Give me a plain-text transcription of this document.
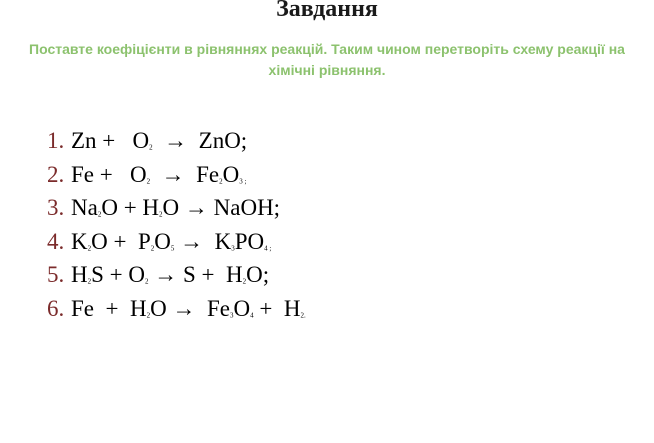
Завдання
Поставте коефіцієнти в рівняннях реакцій. Таким чином перетворіть схему реакції на хімічні рівняння.
1. Zn +   O2  →  ZnO;
2. Fe +   O2  →  Fe2O3 ;
3. Na2O + H2O → NaOH;
4. K2O +  P2O5 →  K3PO4 ;
5. H2S + O2 → S +  H2O;
6. Fe  +  H2O →  Fe3O4 +  H2.
